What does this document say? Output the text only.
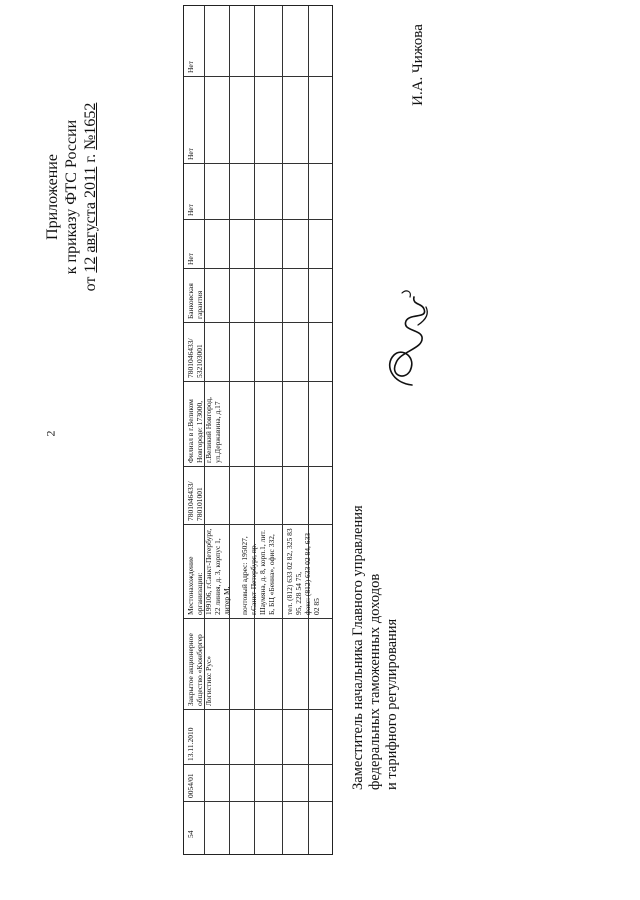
2
Приложение к приказу ФТС России
от 12 августа 2011 г. №1652
54
0054/01
13.11.2010
Закрытое акционерное общество «Кюнбергер Логистикс Рус»
Местонахождение организации:
199106, г.Санкт-Петербург, 22 линия, д. 3, корпус 1, литер М,

почтовый адрес: 195027, г.Санкт-Петербург, пр. Шаумяна, д. 8, корп.1, лит. Б, БЦ «Бенна», офис 332,

тел. (812) 633 02 82, 325 83 95, 228 54 75,
факс: (812) 633 02 84, 633 02 85
7801046433/
780101001
Филиал в г.Великом Новгороде: 173000, г.Великий Новгород, ул.Державина, д.17
7801046433/
532103001
Банковская гарантия
Нет
Нет
Нет
Нет
Заместитель начальника Главного управления федеральных таможенных доходов и тарифного регулирования
И.А. Чижова
